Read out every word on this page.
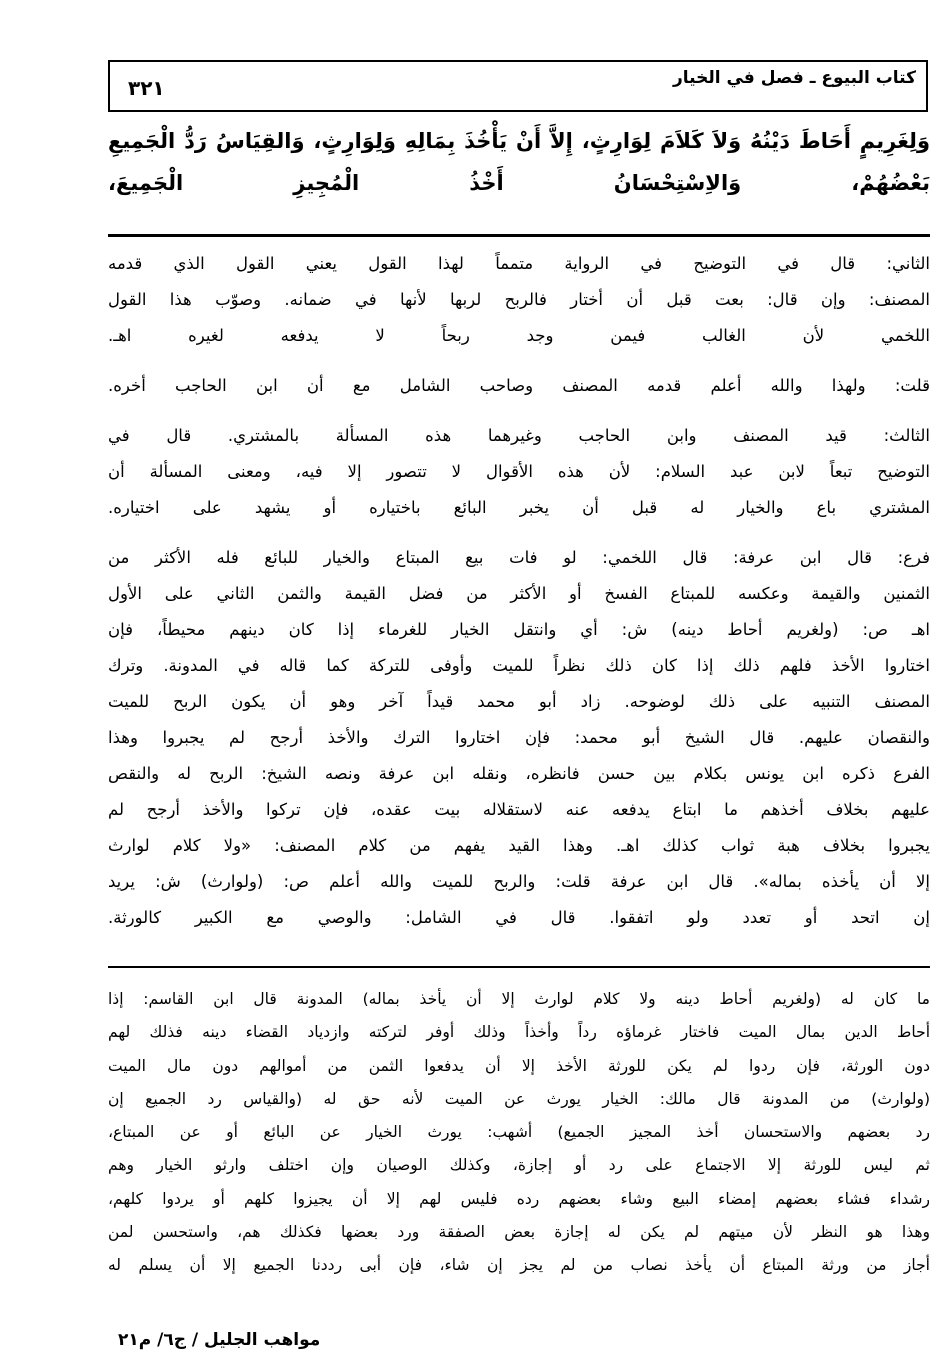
كتاب البيوع ـ فصل في الخيار
٣٢١
وَلِغَرِيمٍ أَحَاطَ دَيْنُهُ وَلاَ كَلاَمَ لِوَارِثٍ، إِلاَّ أَنْ يَأْخُذَ بِمَالِهِ وَلِوَارِثٍ، وَالقِيَاسُ رَدُّ الْجَمِيعِ
بَعْضُهُمْ، وَالاِسْتِحْسَانُ أَخْذُ الْمُجِيزِ الْجَمِيعَ،
الثاني: قال في التوضيح في الرواية متمماً لهذا القول يعني القول الذي قدمه
المصنف: وإن قال: بعت قبل أن أختار فالربح لربها لأنها في ضمانه. وصوّب هذا القول
اللخمي لأن الغالب فيمن وجد ربحاً لا يدفعه لغيره اهـ.
قلت: ولهذا والله أعلم قدمه المصنف وصاحب الشامل مع أن ابن الحاجب أخره.
الثالث: قيد المصنف وابن الحاجب وغيرهما هذه المسألة بالمشتري. قال في
التوضيح تبعاً لابن عبد السلام: لأن هذه الأقوال لا تتصور إلا فيه، ومعنى المسألة أن
المشتري باع والخيار له قبل أن يخبر البائع باختياره أو يشهد على اختياره.
فرع: قال ابن عرفة: قال اللخمي: لو فات بيع المبتاع والخيار للبائع فله الأكثر من
الثمنين والقيمة وعكسه للمبتاع الفسخ أو الأكثر من فضل القيمة والثمن الثاني على الأول
اهـ ص: (ولغريم أحاط دينه) ش: أي وانتقل الخيار للغرماء إذا كان دينهم محيطاً، فإن
اختاروا الأخذ فلهم ذلك إذا كان ذلك نظراً للميت وأوفى للتركة كما قاله في المدونة. وترك
المصنف التنبيه على ذلك لوضوحه. زاد أبو محمد قيداً آخر وهو أن يكون الربح للميت
والنقصان عليهم. قال الشيخ أبو محمد: فإن اختاروا الترك والأخذ أرجح لم يجبروا وهذا
الفرع ذكره ابن يونس بكلام بين حسن فانظره، ونقله ابن عرفة ونصه الشيخ: الربح له والنقص
عليهم بخلاف أخذهم ما ابتاع يدفعه عنه لاستقلاله بيت عقده، فإن تركوا والأخذ أرجح لم
يجبروا بخلاف هبة ثواب كذلك اهـ. وهذا القيد يفهم من كلام المصنف: «ولا كلام لوارث
إلا أن يأخذه بماله». قال ابن عرفة قلت: والربح للميت والله أعلم ص: (ولوارث) ش: يريد
إن اتحد أو تعدد ولو اتفقوا. قال في الشامل: والوصي مع الكبير كالورثة.
ما كان له (ولغريم أحاط دينه ولا كلام لوارث إلا أن يأخذ بماله) المدونة قال ابن القاسم: إذا
أحاط الدين بمال الميت فاختار غرماؤه رداً وأخذاً وذلك أوفر لتركته وازدياد القضاء دينه فذلك لهم
دون الورثة، فإن ردوا لم يكن للورثة الأخذ إلا أن يدفعوا الثمن من أموالهم دون مال الميت
(ولوارث) من المدونة قال مالك: الخيار يورث عن الميت لأنه حق له (والقياس رد الجميع إن
رد بعضهم والاستحسان أخذ المجيز الجميع) أشهب: يورث الخيار عن البائع أو عن المبتاع،
ثم ليس للورثة إلا الاجتماع على رد أو إجازة، وكذلك الوصيان وإن اختلف وارثو الخيار وهم
رشداء فشاء بعضهم إمضاء البيع وشاء بعضهم رده فليس لهم إلا أن يجيزوا كلهم أو يردوا كلهم،
وهذا هو النظر لأن ميتهم لم يكن له إجازة بعض الصفقة ورد بعضها فكذلك هم، واستحسن لمن
أجاز من ورثة المبتاع أن يأخذ نصاب من لم يجز إن شاء، فإن أبى رددنا الجميع إلا أن يسلم له
مواهب الجليل / ج٦/ م٢١
